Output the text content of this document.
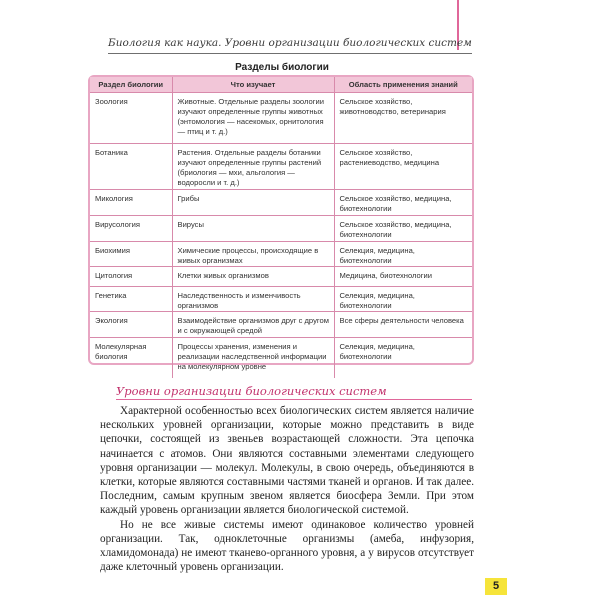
Биология как наука. Уровни организации биологических систем
Разделы биологии
Раздел биологии	Что изучает	Область применения знаний
Зоология	Животные. Отдельные разделы зоологии изучают определенные группы животных (энтомология — насекомых, орнитология — птиц и т. д.)	Сельское хозяйство, животноводство, ветеринария
Ботаника	Растения. Отдельные разделы ботаники изучают определенные группы растений (бриология — мхи, альгология — водоросли и т. д.)	Сельское хозяйство, растениеводство, медицина
Микология	Грибы	Сельское хозяйство, медицина, биотехнологии
Вирусология	Вирусы	Сельское хозяйство, медицина, биотехнологии
Биохимия	Химические процессы, происходящие в живых организмах	Селекция, медицина, биотехнологии
Цитология	Клетки живых организмов	Медицина, биотехнологии
Генетика	Наследственность и изменчивость организмов	Селекция, медицина, биотехнологии
Экология	Взаимодействие организмов друг с другом и с окружающей средой	Все сферы деятельности человека
Молекулярная биология	Процессы хранения, изменения и реализации наследственной информации на молекулярном уровне	Селекция, медицина, биотехнологии
Уровни организации биологических систем

Характерной особенностью всех биологических систем является наличие нескольких уровней организации, которые можно представить в виде цепочки, состоящей из звеньев возрастающей сложности. Эта цепочка начинается с атомов. Они являются составными элементами следующего уровня организации — молекул. Молекулы, в свою очередь, объединяются в клетки, которые являются составными частями тканей и органов. И так далее. Последним, самым крупным звеном является биосфера Земли. При этом каждый уровень организации является биологической системой.

Но не все живые системы имеют одинаковое количество уровней организации. Так, одноклеточные организмы (амеба, инфузория, хламидомонада) не имеют тканево-органного уровня, а у вирусов отсутствует даже клеточный уровень организации.

5
